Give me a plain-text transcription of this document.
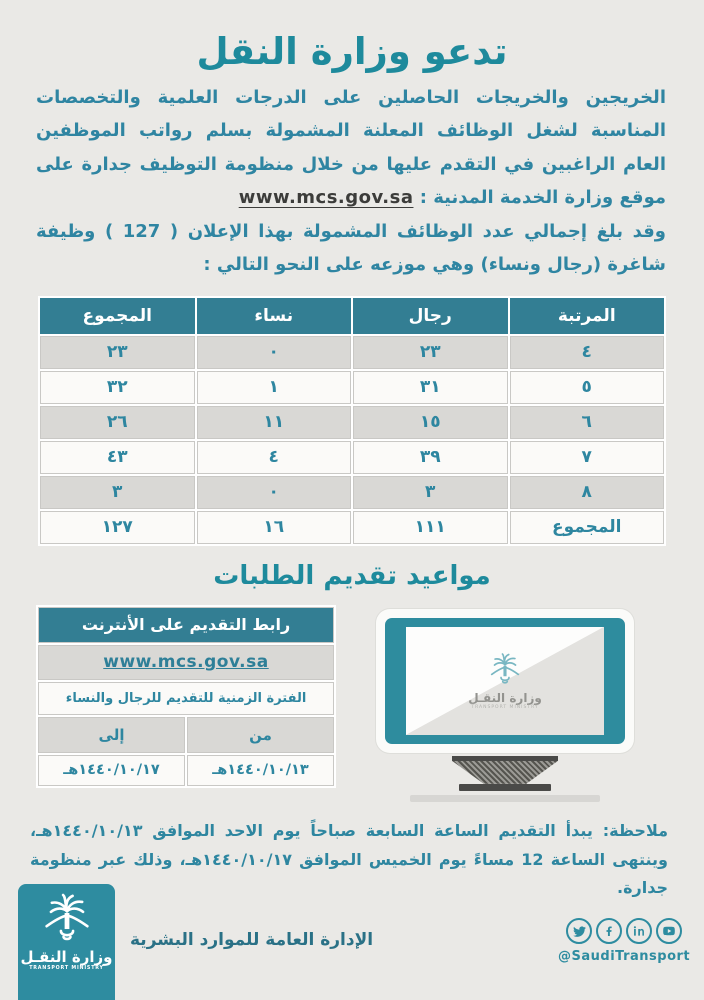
تدعو وزارة النقل

الخريجين والخريجات الحاصلين على الدرجات العلمية والتخصصات المناسبة لشغل الوظائف المعلنة المشمولة بسلم رواتب الموظفين العام الراغبين في التقدم عليها من خلال منظومة التوظيف جدارة على موقع وزارة الخدمة المدنية : www.mcs.gov.sa

وقد بلغ إجمالي عدد الوظائف المشمولة بهذا الإعلان ( 127 ) وظيفة شاغرة (رجال ونساء) وهي موزعه على النحو التالي :

المرتبة	رجال	نساء	المجموع
٤	٢٣	٠	٢٣
٥	٣١	١	٣٢
٦	١٥	١١	٢٦
٧	٣٩	٤	٤٣
٨	٣	٠	٣
المجموع	١١١	١٦	١٢٧
مواعيد تقديم الطلبات
رابط التقديم على الأنترنت	
www.mcs.gov.sa	
الفترة الزمنية للتقديم للرجال والنساء	
من	إلى
١٤٤٠/١٠/١٣هـ	١٤٤٠/١٠/١٧هـ
وزارة النقـل
TRANSPORT MINISTRY

ملاحظة: يبدأ التقديم الساعة السابعة صباحاً يوم الاحد الموافق ١٤٤٠/١٠/١٣هـ، وينتهى الساعة 12 مساءً يوم الخميس الموافق ١٤٤٠/١٠/١٧هـ، وذلك عبر منظومة جدارة.

وزارة النقـل
TRANSPORT MINISTRY
الإدارة العامة للموارد البشرية
@SaudiTransport
